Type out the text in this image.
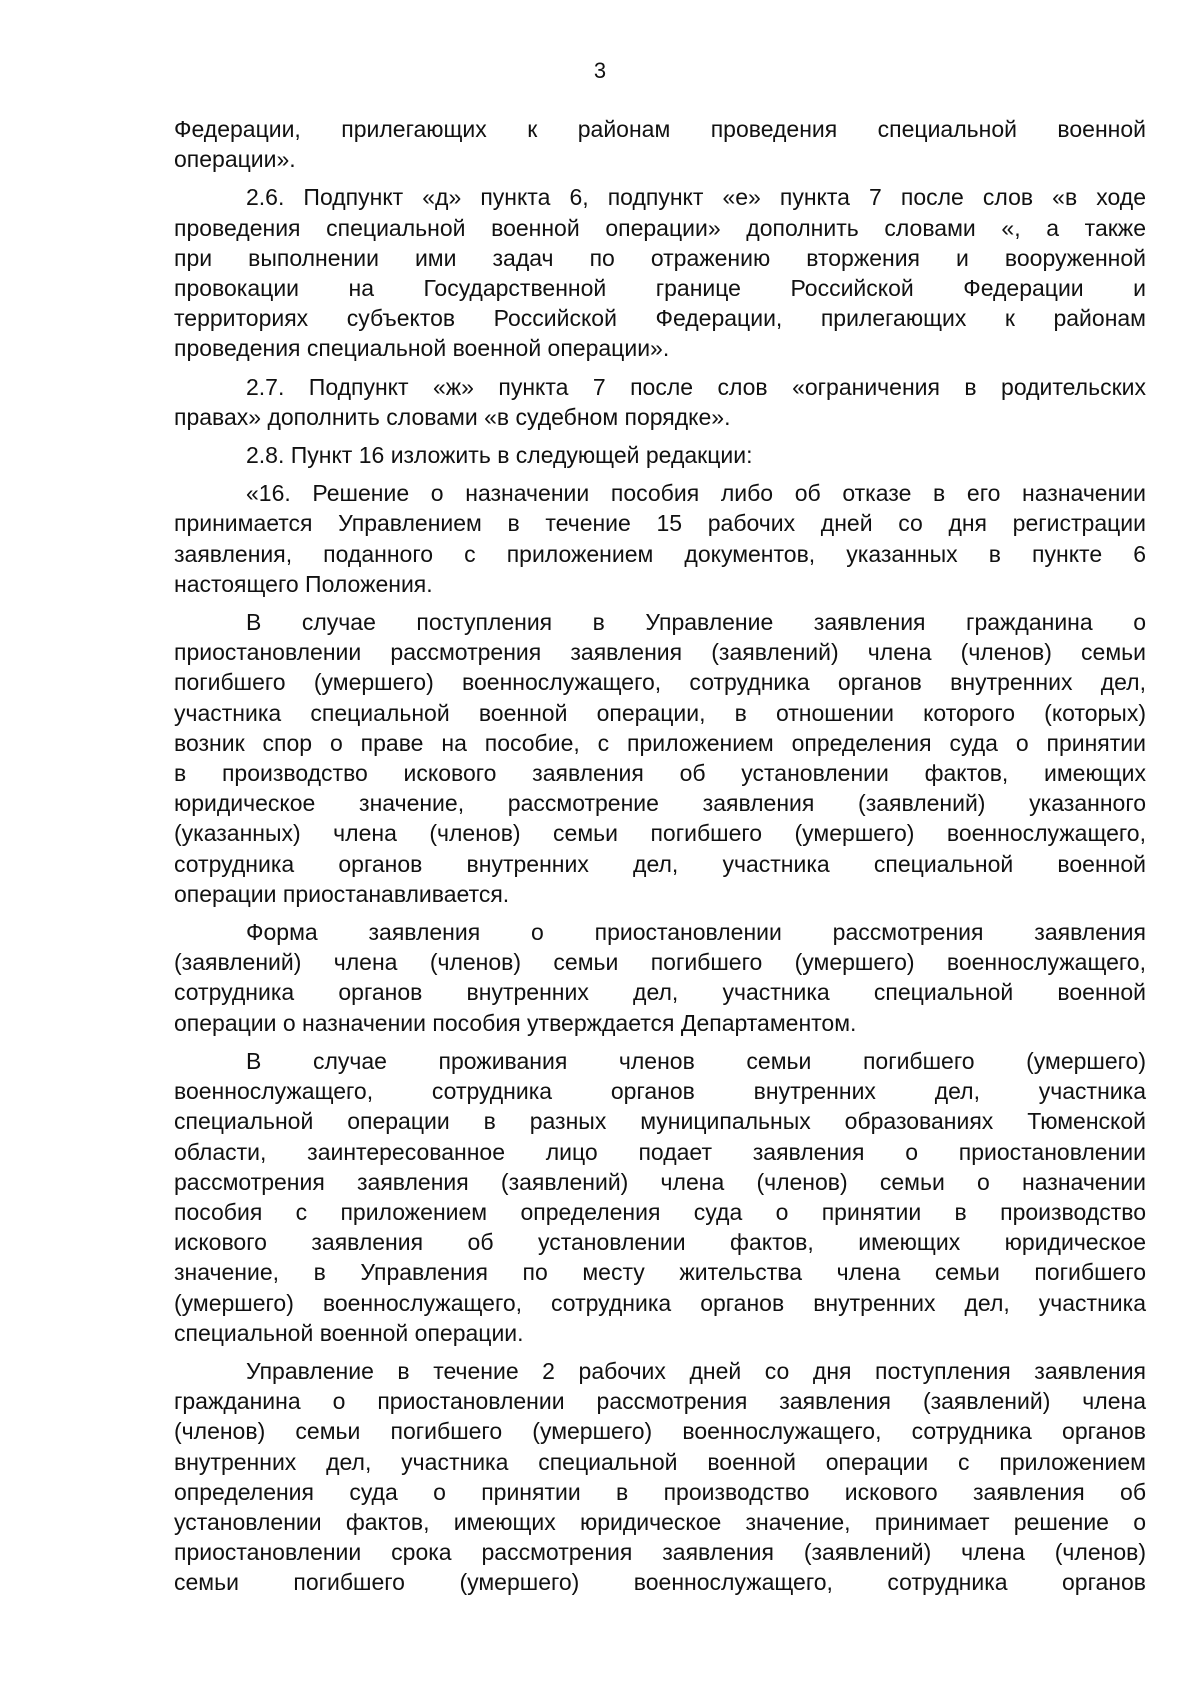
3
Федерации, прилегающих к районам проведения специальной военной
операции».
2.6. Подпункт «д» пункта 6, подпункт «е» пункта 7 после слов «в ходе
проведения специальной военной операции» дополнить словами «, а также
при выполнении ими задач по отражению вторжения и вооруженной
провокации на Государственной границе Российской Федерации и
территориях субъектов Российской Федерации, прилегающих к районам
проведения специальной военной операции».
2.7. Подпункт «ж» пункта 7 после слов «ограничения в родительских
правах» дополнить словами «в судебном порядке».
2.8. Пункт 16 изложить в следующей редакции:
«16. Решение о назначении пособия либо об отказе в его назначении
принимается Управлением в течение 15 рабочих дней со дня регистрации
заявления, поданного с приложением документов, указанных в пункте 6
настоящего Положения.
В случае поступления в Управление заявления гражданина о
приостановлении рассмотрения заявления (заявлений) члена (членов) семьи
погибшего (умершего) военнослужащего, сотрудника органов внутренних дел,
участника специальной военной операции, в отношении которого (которых)
возник спор о праве на пособие, с приложением определения суда о принятии
в производство искового заявления об установлении фактов, имеющих
юридическое значение, рассмотрение заявления (заявлений) указанного
(указанных) члена (членов) семьи погибшего (умершего) военнослужащего,
сотрудника органов внутренних дел, участника специальной военной
операции приостанавливается.
Форма заявления о приостановлении рассмотрения заявления
(заявлений) члена (членов) семьи погибшего (умершего) военнослужащего,
сотрудника органов внутренних дел, участника специальной военной
операции о назначении пособия утверждается Департаментом.
В случае проживания членов семьи погибшего (умершего)
военнослужащего, сотрудника органов внутренних дел, участника
специальной операции в разных муниципальных образованиях Тюменской
области, заинтересованное лицо подает заявления о приостановлении
рассмотрения заявления (заявлений) члена (членов) семьи о назначении
пособия с приложением определения суда о принятии в производство
искового заявления об установлении фактов, имеющих юридическое
значение, в Управления по месту жительства члена семьи погибшего
(умершего) военнослужащего, сотрудника органов внутренних дел, участника
специальной военной операции.
Управление в течение 2 рабочих дней со дня поступления заявления
гражданина о приостановлении рассмотрения заявления (заявлений) члена
(членов) семьи погибшего (умершего) военнослужащего, сотрудника органов
внутренних дел, участника специальной военной операции с приложением
определения суда о принятии в производство искового заявления об
установлении фактов, имеющих юридическое значение, принимает решение о
приостановлении срока рассмотрения заявления (заявлений) члена (членов)
семьи погибшего (умершего) военнослужащего, сотрудника органов
